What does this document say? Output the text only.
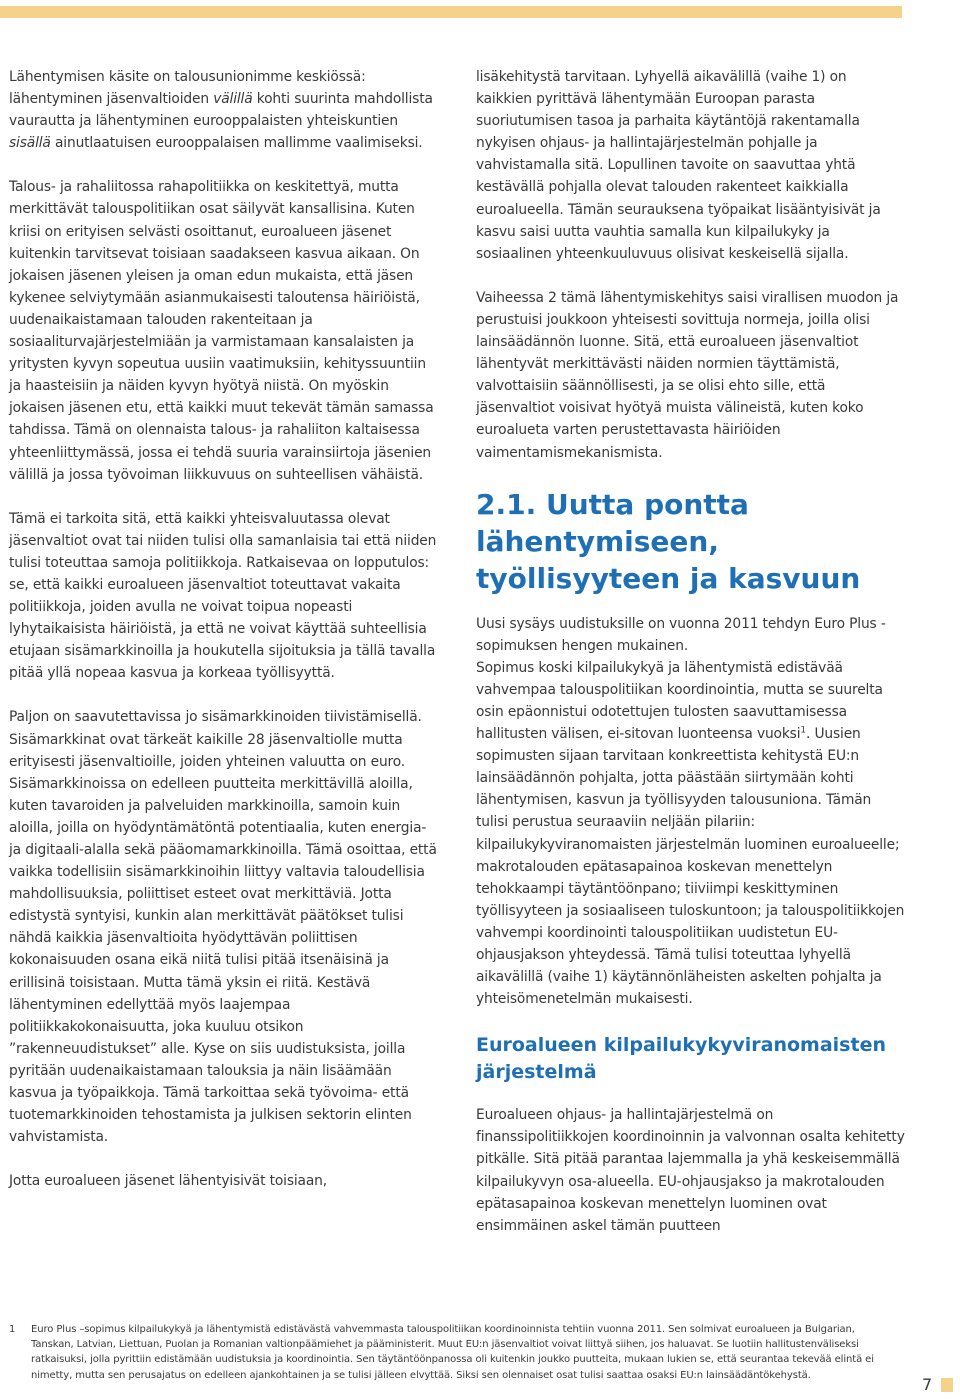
Lähentymisen käsite on talousunionimme keskiössä: lähentyminen jäsenvaltioiden välillä kohti suurinta mahdollista vaurautta ja lähentyminen eurooppalaisten yhteiskuntien sisällä ainutlaatuisen eurooppalaisen mallimme vaalimiseksi.

Talous- ja rahaliitossa rahapolitiikka on keskitettyä, mutta merkittävät talouspolitiikan osat säilyvät kansallisina. Kuten kriisi on erityisen selvästi osoittanut, euroalueen jäsenet kuitenkin tarvitsevat toisiaan saadakseen kasvua aikaan. On jokaisen jäsenen yleisen ja oman edun mukaista, että jäsen kykenee selviytymään asianmukaisesti taloutensa häiriöistä, uudenaikaistamaan talouden rakenteitaan ja sosiaaliturvajärjestelmiään ja varmistamaan kansalaisten ja yritysten kyvyn sopeutua uusiin vaatimuksiin, kehityssuuntiin ja haasteisiin ja näiden kyvyn hyötyä niistä. On myöskin jokaisen jäsenen etu, että kaikki muut tekevät tämän samassa tahdissa. Tämä on olennaista talous- ja rahaliiton kaltaisessa yhteenliittymässä, jossa ei tehdä suuria varainsiirtoja jäsenien välillä ja jossa työvoiman liikkuvuus on suhteellisen vähäistä.

Tämä ei tarkoita sitä, että kaikki yhteisvaluutassa olevat jäsenvaltiot ovat tai niiden tulisi olla samanlaisia tai että niiden tulisi toteuttaa samoja politiikkoja. Ratkaisevaa on lopputulos: se, että kaikki euroalueen jäsenvaltiot toteuttavat vakaita politiikkoja, joiden avulla ne voivat toipua nopeasti lyhytaikaisista häiriöistä, ja että ne voivat käyttää suhteellisia etujaan sisämarkkinoilla ja houkutella sijoituksia ja tällä tavalla pitää yllä nopeaa kasvua ja korkeaa työllisyyttä.

Paljon on saavutettavissa jo sisämarkkinoiden tiivistämisellä. Sisämarkkinat ovat tärkeät kaikille 28 jäsenvaltiolle mutta erityisesti jäsenvaltioille, joiden yhteinen valuutta on euro. Sisämarkkinoissa on edelleen puutteita merkittävillä aloilla, kuten tavaroiden ja palveluiden markkinoilla, samoin kuin aloilla, joilla on hyödyntämätöntä potentiaalia, kuten energia- ja digitaali-alalla sekä pääomamarkkinoilla. Tämä osoittaa, että vaikka todellisiin sisämarkkinoihin liittyy valtavia taloudellisia mahdollisuuksia, poliittiset esteet ovat merkittäviä. Jotta edistystä syntyisi, kunkin alan merkittävät päätökset tulisi nähdä kaikkia jäsenvaltioita hyödyttävän poliittisen kokonaisuuden osana eikä niitä tulisi pitää itsenäisinä ja erillisinä toisistaan. Mutta tämä yksin ei riitä. Kestävä lähentyminen edellyttää myös laajempaa politiikkakokonaisuutta, joka kuuluu otsikon ”rakenneuudistukset” alle. Kyse on siis uudistuksista, joilla pyritään uudenaikaistamaan talouksia ja näin lisäämään kasvua ja työpaikkoja. Tämä tarkoittaa sekä työvoima- että tuotemarkkinoiden tehostamista ja julkisen sektorin elinten vahvistamista.

Jotta euroalueen jäsenet lähentyisivät toisiaan,

lisäkehitystä tarvitaan. Lyhyellä aikavälillä (vaihe 1) on kaikkien pyrittävä lähentymään Euroopan parasta suoriutumisen tasoa ja parhaita käytäntöjä rakentamalla nykyisen ohjaus- ja hallintajärjestelmän pohjalle ja vahvistamalla sitä. Lopullinen tavoite on saavuttaa yhtä kestävällä pohjalla olevat talouden rakenteet kaikkialla euroalueella. Tämän seurauksena työpaikat lisääntyisivät ja kasvu saisi uutta vauhtia samalla kun kilpailukyky ja sosiaalinen yhteenkuuluvuus olisivat keskeisellä sijalla.

Vaiheessa 2 tämä lähentymiskehitys saisi virallisen muodon ja perustuisi joukkoon yhteisesti sovittuja normeja, joilla olisi lainsäädännön luonne. Sitä, että euroalueen jäsenvaltiot lähentyvät merkittävästi näiden normien täyttämistä, valvottaisiin säännöllisesti, ja se olisi ehto sille, että jäsenvaltiot voisivat hyötyä muista välineistä, kuten koko euroalueta varten perustettavasta häiriöiden vaimentamismekanismista.

2.1. Uutta pontta lähentymiseen, työllisyyteen ja kasvuun

Uusi sysäys uudistuksille on vuonna 2011 tehdyn Euro Plus -sopimuksen hengen mukainen.

Sopimus koski kilpailukykyä ja lähentymistä edistävää vahvempaa talouspolitiikan koordinointia, mutta se suurelta osin epäonnistui odotettujen tulosten saavuttamisessa hallitusten välisen, ei-sitovan luonteensa vuoksi$^1$. Uusien sopimusten sijaan tarvitaan konkreettista kehitystä EU:n lainsäädännön pohjalta, jotta päästään siirtymään kohti lähentymisen, kasvun ja työllisyyden talousuniona. Tämän tulisi perustua seuraaviin neljään pilariin: kilpailukykyviranomaisten järjestelmän luominen euroalueelle; makrotalouden epätasapainoa koskevan menettelyn tehokkaampi täytäntöönpano; tiiviimpi keskittyminen työllisyyteen ja sosiaaliseen tuloskuntoon; ja talouspolitiikkojen vahvempi koordinointi talouspolitiikan uudistetun EU-ohjausjakson yhteydessä. Tämä tulisi toteuttaa lyhyellä aikavälillä (vaihe 1) käytännönläheisten askelten pohjalta ja yhteisömenetelmän mukaisesti.

Euroalueen kilpailukykyviranomaisten järjestelmä

Euroalueen ohjaus- ja hallintajärjestelmä on finanssipolitiikkojen koordinoinnin ja valvonnan osalta kehitetty pitkälle. Sitä pitää parantaa lajemmalla ja yhä keskeisemmällä kilpailukyvyn osa-alueella. EU-ohjausjakso ja makrotalouden epätasapainoa koskevan menettelyn luominen ovat ensimmäinen askel tämän puutteen

1	Euro Plus –sopimus kilpailukykyä ja lähentymistä edistävästä vahvemmasta talouspolitiikan koordinoinnista tehtiin vuonna 2011. Sen solmivat euroalueen ja Bulgarian, Tanskan, Latvian, Liettuan, Puolan ja Romanian valtionpäämiehet ja pääministerit. Muut EU:n jäsenvaltiot voivat liittyä siihen, jos haluavat. Se luotiin hallitustenväliseksi ratkaisuksi, jolla pyrittiin edistämään uudistuksia ja koordinointia. Sen täytäntöönpanossa oli kuitenkin joukko puutteita, mukaan lukien se, että seurantaa tekevää elintä ei nimetty, mutta sen perusajatus on edelleen ajankohtainen ja se tulisi jälleen elvyttää. Siksi sen olennaiset osat tulisi saattaa osaksi EU:n lainsäädäntökehystä.	7
